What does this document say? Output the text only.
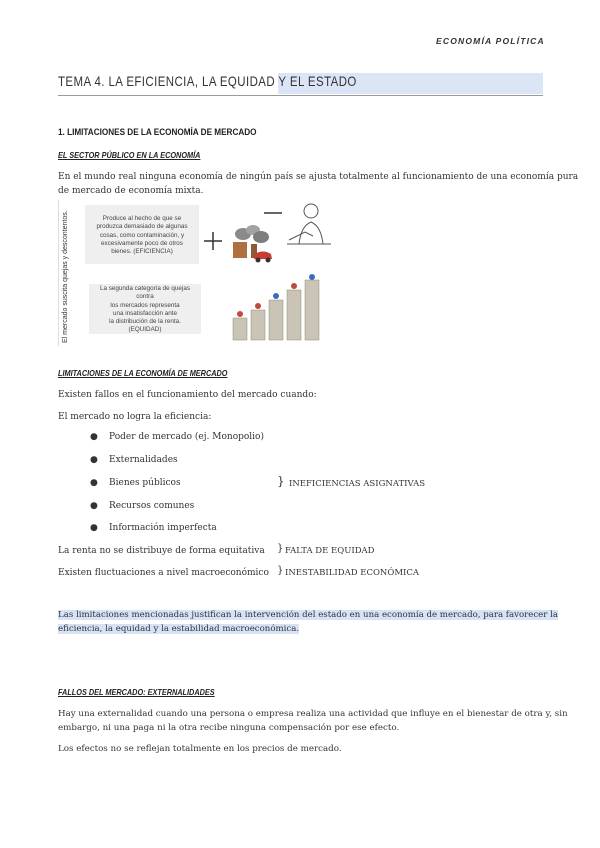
ECONOMÍA POLÍTICA
TEMA 4. LA EFICIENCIA, LA EQUIDAD Y EL ESTADO
1. LIMITACIONES DE LA ECONOMÍA DE MERCADO
EL SECTOR PÚBLICO EN LA ECONOMÍA
En el mundo real ninguna economía de ningún país se ajusta totalmente al funcionamiento de una economía pura
de mercado de economía mixta.
El mercado suscita quejas y descontentos.	Produce al hecho de que se
produzca demasiado de algunas
cosas, como contaminación, y
excesivamente poco de otros
bienes. (EFICIENCIA)
La segunda categoría de quejas
contra
los mercados representa
una insatisfacción ante
la distribución de la renta.
(EQUIDAD)
LIMITACIONES DE LA ECONOMÍA DE MERCADO
Existen fallos en el funcionamiento del mercado cuando:
El mercado no logra la eficiencia:
● Poder de mercado (ej. Monopolio)
● Externalidades
● Bienes públicos
● Recursos comunes
● Información imperfecta
} INEFICIENCIAS ASIGNATIVAS
La renta no se distribuye de forma equitativa } FALTA DE EQUIDAD
Existen fluctuaciones a nivel macroeconómico } INESTABILIDAD ECONÓMICA
Las limitaciones mencionadas justifican la intervención del estado en una economía de mercado, para favorecer la
eficiencia, la equidad y la estabilidad macroeconómica.
FALLOS DEL MERCADO: EXTERNALIDADES
Hay una externalidad cuando una persona o empresa realiza una actividad que influye en el bienestar de otra y, sin
embargo, ni una paga ni la otra recibe ninguna compensación por ese efecto.
Los efectos no se reflejan totalmente en los precios de mercado.
